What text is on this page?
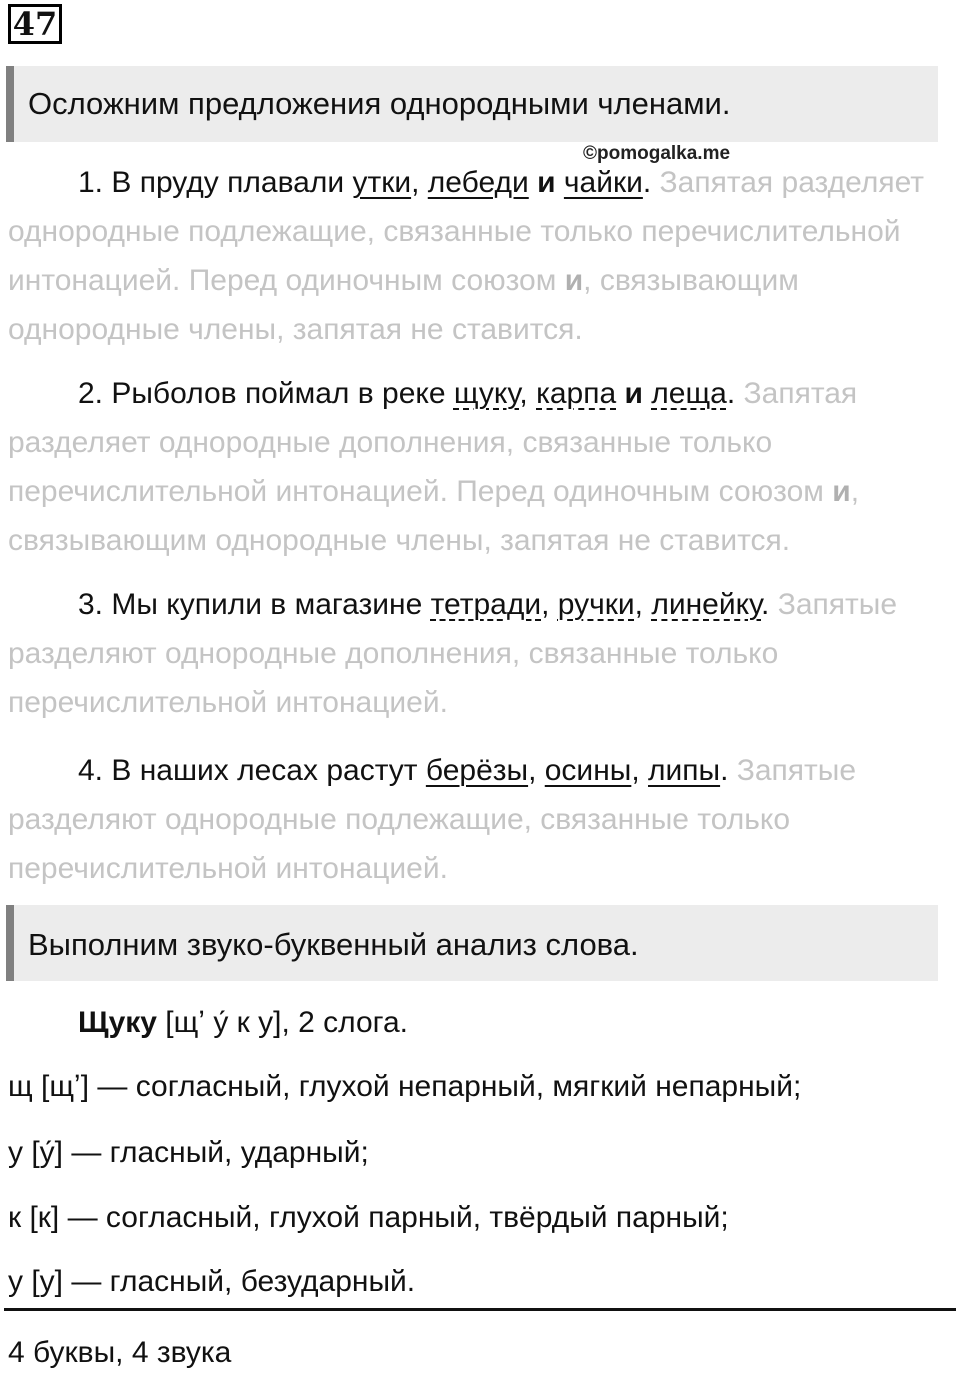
47
Осложним предложения однородными членами.
©pomogalka.me

1. В пруду плавали утки, лебеди и чайки. Запятая разделяет однородные подлежащие, связанные только перечислительной интонацией. Перед одиночным союзом и, связывающим однородные члены, запятая не ставится.

2. Рыболов поймал в реке щуку, карпа и леща. Запятая разделяет однородные дополнения, связанные только перечислительной интонацией. Перед одиночным союзом и, связывающим однородные члены, запятая не ставится.

3. Мы купили в магазине тетради, ручки, линейку. Запятые разделяют однородные дополнения, связанные только перечислительной интонацией.

4. В наших лесах растут берёзы, осины, липы. Запятые разделяют однородные подлежащие, связанные только перечислительной интонацией.

Выполним звуко-буквенный анализ слова.
Щуку [щʼ у́ к у], 2 слога.
щ [щʼ] — согласный, глухой непарный, мягкий непарный;
у [у́] — гласный, ударный;
к [к] — согласный, глухой парный, твёрдый парный;
у [у] — гласный, безударный.
4 буквы, 4 звука
